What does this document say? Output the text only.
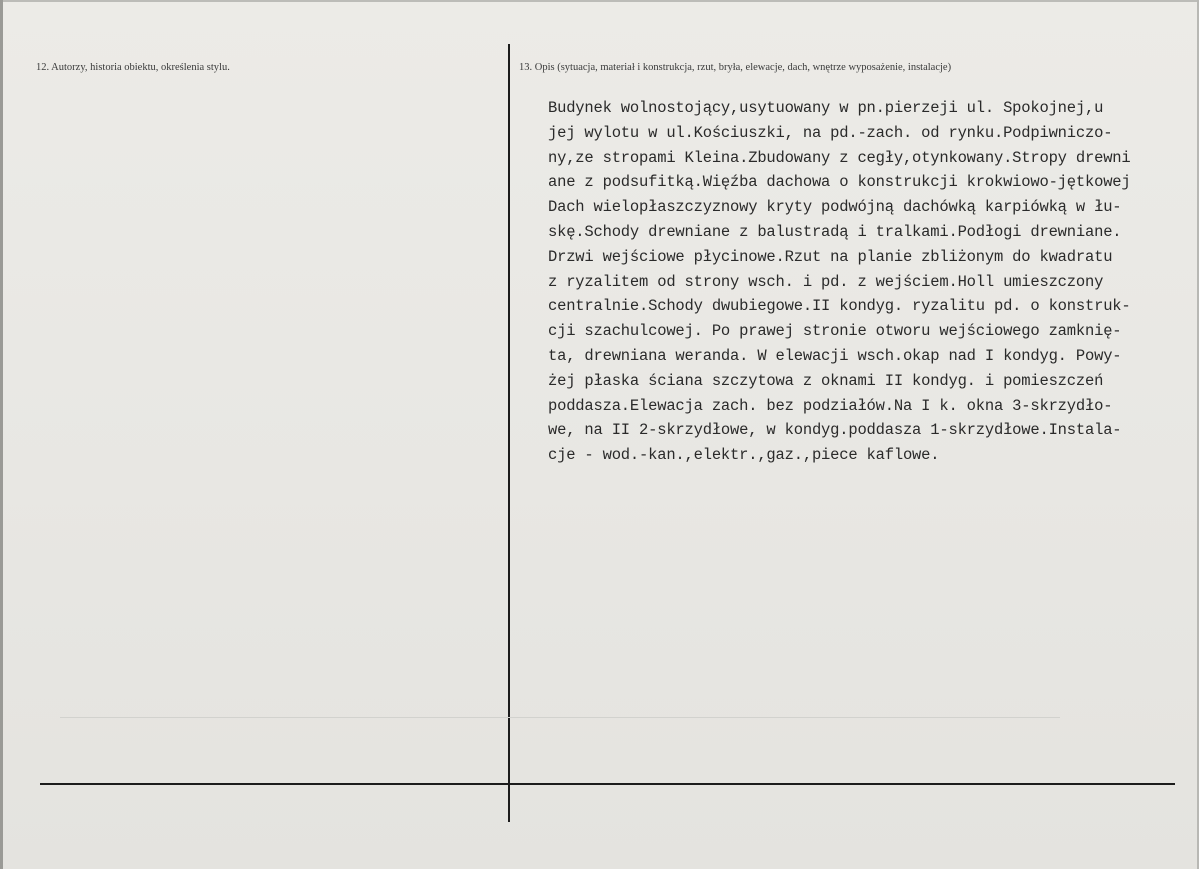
12. Autorzy, historia obiektu, określenia stylu.	13. Opis (sytuacja, materiał i konstrukcja, rzut, bryła, elewacje, dach, wnętrze wyposażenie, instalacje)
Budynek wolnostojący,usytuowany w pn.pierzeji ul. Spokojnej,u
jej wylotu w ul.Kościuszki, na pd.-zach. od rynku.Podpiwniczo-
ny,ze stropami Kleina.Zbudowany z cegły,otynkowany.Stropy drewni
ane z podsufitką.Więźba dachowa o konstrukcji krokwiowo-jętkowej
Dach wielopłaszczyznowy kryty podwójną dachówką karpiówką w łu-
skę.Schody drewniane z balustradą i tralkami.Podłogi drewniane.
Drzwi wejściowe płycinowe.Rzut na planie zbliżonym do kwadratu
z ryzalitem od strony wsch. i pd. z wejściem.Holl umieszczony
centralnie.Schody dwubiegowe.II kondyg. ryzalitu pd. o konstruk-
cji szachulcowej. Po prawej stronie otworu wejściowego zamknię-
ta, drewniana weranda. W elewacji wsch.okap nad I kondyg. Powy-
żej płaska ściana szczytowa z oknami II kondyg. i pomieszczeń
poddasza.Elewacja zach. bez podziałów.Na I k. okna 3-skrzydło-
we, na II 2-skrzydłowe, w kondyg.poddasza 1-skrzydłowe.Instala-
cje - wod.-kan.,elektr.,gaz.,piece kaflowe.
